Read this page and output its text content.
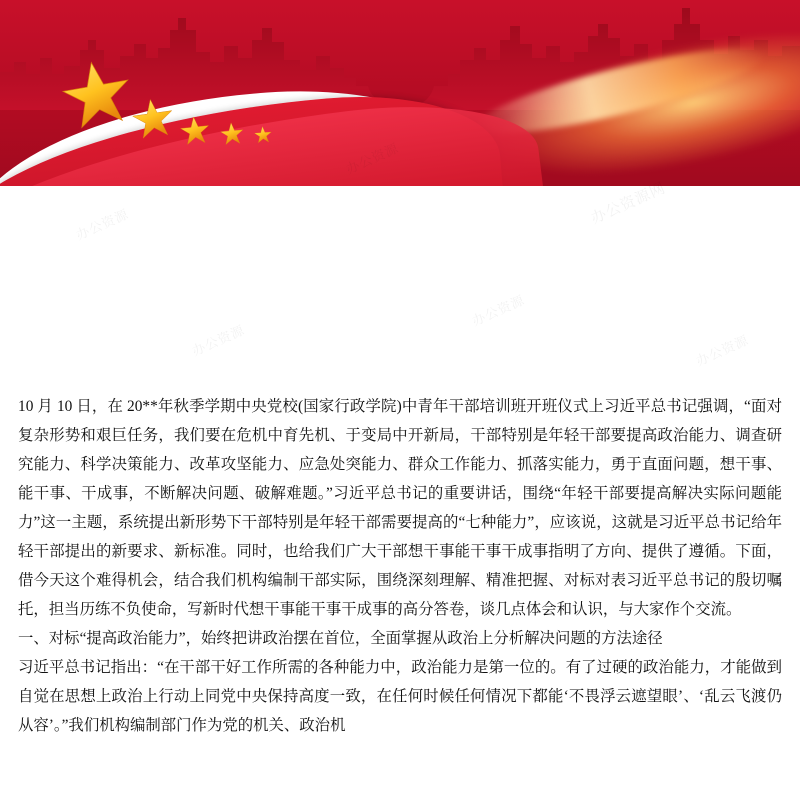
办公资源	办公资源网
办公资源
办公资源
办公资源

10 月 10 日，在 20**年秋季学期中央党校(国家行政学院)中青年干部培训班开班仪式上习近平总书记强调，“面对复杂形势和艰巨任务，我们要在危机中育先机、于变局中开新局，干部特别是年轻干部要提高政治能力、调查研究能力、科学决策能力、改革攻坚能力、应急处突能力、群众工作能力、抓落实能力，勇于直面问题，想干事、能干事、干成事，不断解决问题、破解难题。”习近平总书记的重要讲话，围绕“年轻干部要提高解决实际问题能力”这一主题，系统提出新形势下干部特别是年轻干部需要提高的“七种能力”，应该说，这就是习近平总书记给年轻干部提出的新要求、新标准。同时，也给我们广大干部想干事能干事干成事指明了方向、提供了遵循。下面，借今天这个难得机会，结合我们机构编制干部实际，围绕深刻理解、精准把握、对标对表习近平总书记的殷切嘱托，担当历练不负使命，写新时代想干事能干事干成事的高分答卷，谈几点体会和认识，与大家作个交流。

一、对标“提高政治能力”，始终把讲政治摆在首位，全面掌握从政治上分析解决问题的方法途径

习近平总书记指出：“在干部干好工作所需的各种能力中，政治能力是第一位的。有了过硬的政治能力，才能做到自觉在思想上政治上行动上同党中央保持高度一致，在任何时候任何情况下都能‘不畏浮云遮望眼’、‘乱云飞渡仍从容’。”我们机构编制部门作为党的机关、政治机
